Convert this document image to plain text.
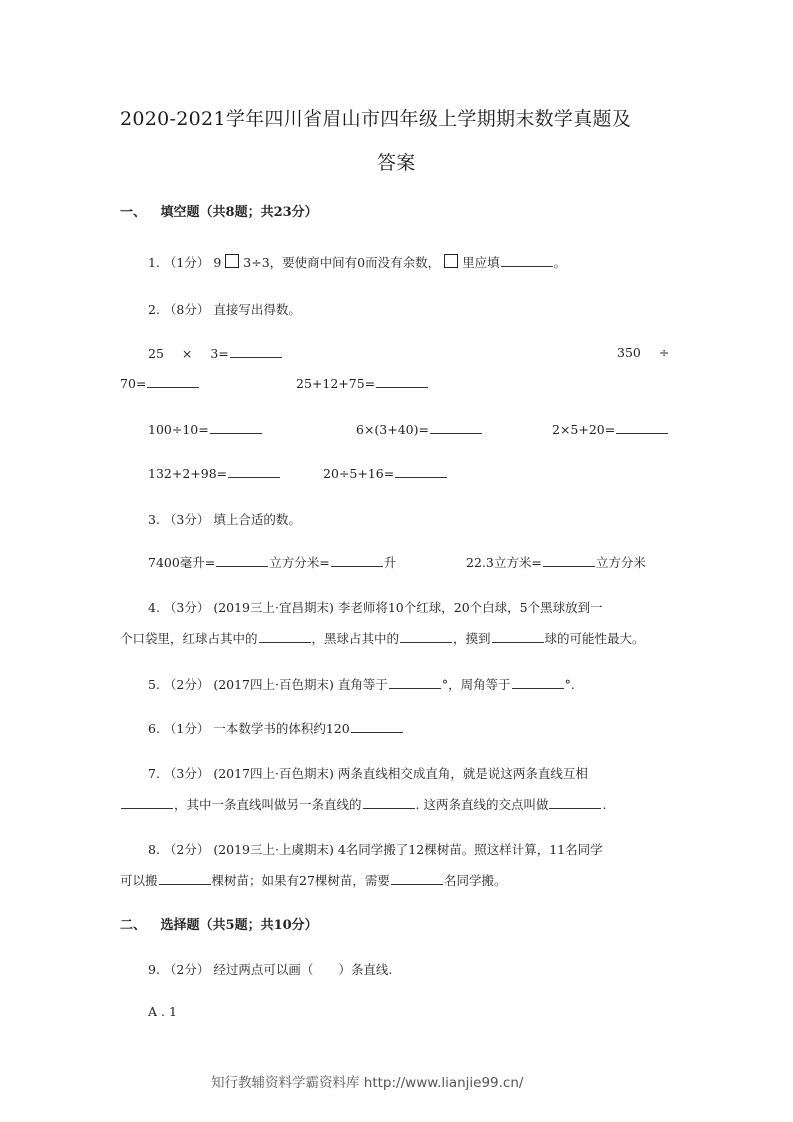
2020-2021学年四川省眉山市四年级上学期期末数学真题及
答案
一、 填空题（共8题；共23分）
1. （1分） 9 3÷3，要使商中间有0而没有余数， 里应填	。
2. （8分） 直接写出得数。
25 × 3=	350 ÷
70=	25+12+75=
100÷10=	6×(3+40)=	2×5+20=
132+2+98=	20÷5+16=
3. （3分） 填上合适的数。
7400毫升=	立方分米=	升	22.3立方米=	立方分米
4. （3分） (2019三上·宜昌期末) 李老师将10个红球，20个白球，5个黑球放到一
个口袋里，红球占其中的	，黑球占其中的	，摸到	球的可能性最大。
5. （2分） (2017四上·百色期末) 直角等于	°，周角等于	°.
6. （1分） 一本数学书的体积约120
7. （3分） (2017四上·百色期末) 两条直线相交成直角，就是说这两条直线互相
，其中一条直线叫做另一条直线的	. 这两条直线的交点叫做	.
8. （2分） (2019三上·上虞期末) 4名同学搬了12棵树苗。照这样计算，11名同学
可以搬	棵树苗；如果有27棵树苗，需要	名同学搬。
二、 选择题（共5题；共10分）
9. （2分） 经过两点可以画（　　）条直线.
A . 1
知行教辅资料学霸资料库 http://www.lianjie99.cn/
